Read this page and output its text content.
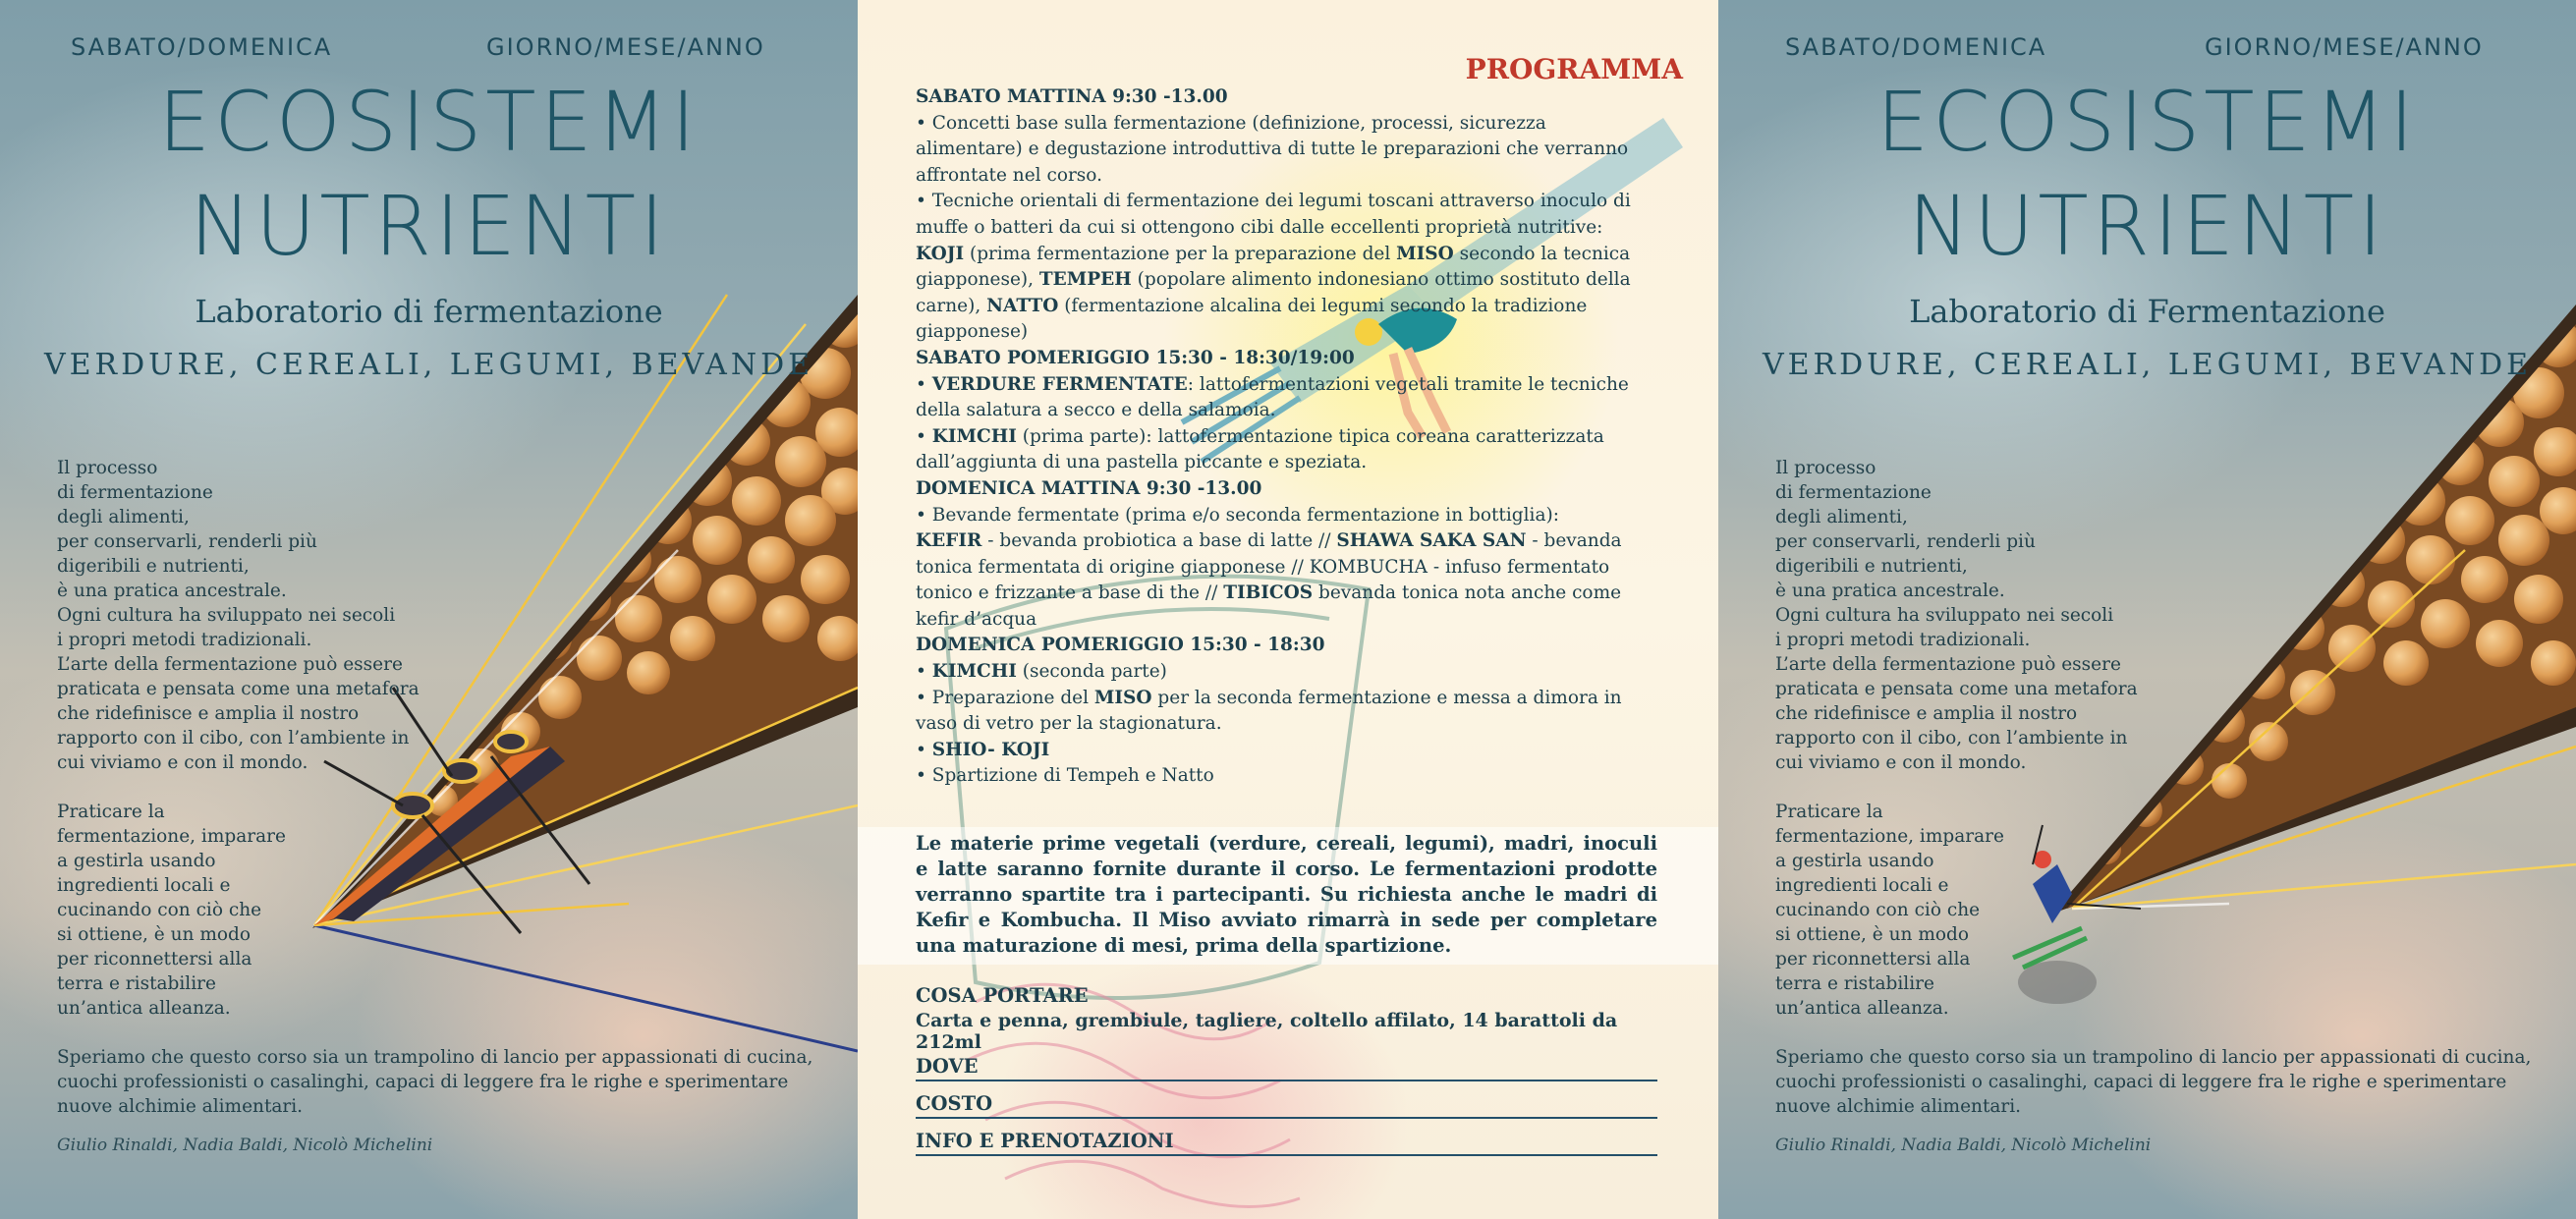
SABATO/DOMENICA	GIORNO/MESE/ANNO
ECOSISTEMI
NUTRIENTI
Laboratorio di fermentazione
VERDURE, CEREALI, LEGUMI, BEVANDE
Il processo
di fermentazione
degli alimenti,
per conservarli, renderli più
digeribili e nutrienti,
è una pratica ancestrale.
Ogni cultura ha sviluppato nei secoli
i propri metodi tradizionali.
L’arte della fermentazione può essere
praticata e pensata come una metafora
che ridefinisce e amplia il nostro
rapporto con il cibo, con l’ambiente in
cui viviamo e con il mondo.
Praticare la
fermentazione, imparare
a gestirla usando
ingredienti locali e
cucinando con ciò che
si ottiene, è un modo
per riconnettersi alla
terra e ristabilire
un’antica alleanza.
Speriamo che questo corso sia un trampolino di lancio per appassionati di cucina, cuochi professionisti o casalinghi, capaci di leggere fra le righe e sperimentare nuove alchimie alimentari.
Giulio Rinaldi, Nadia Baldi, Nicolò Michelini
PROGRAMMA
SABATO MATTINA 9:30 -13.00
• Concetti base sulla fermentazione (definizione, processi, sicurezza alimentare) e degustazione introduttiva di tutte le preparazioni che verranno affrontate nel corso.
• Tecniche orientali di fermentazione dei legumi toscani attraverso inoculo di muffe o batteri da cui si ottengono cibi dalle eccellenti proprietà nutritive:
KOJI (prima fermentazione per la preparazione del MISO secondo la tecnica giapponese), TEMPEH (popolare alimento indonesiano ottimo sostituto della carne), NATTO (fermentazione alcalina dei legumi secondo la tradizione giapponese)
SABATO POMERIGGIO 15:30 - 18:30/19:00
• VERDURE FERMENTATE: lattofermentazioni vegetali tramite le tecniche della salatura a secco e della salamoia.
• KIMCHI (prima parte): lattofermentazione tipica coreana caratterizzata dall’aggiunta di una pastella piccante e speziata.
DOMENICA MATTINA 9:30 -13.00
• Bevande fermentate (prima e/o seconda fermentazione in bottiglia):
KEFIR - bevanda probiotica a base di latte // SHAWA SAKA SAN - bevanda tonica fermentata di origine giapponese // KOMBUCHA - infuso fermentato tonico e frizzante a base di the // TIBICOS bevanda tonica nota anche come kefir d’acqua
DOMENICA POMERIGGIO 15:30 - 18:30
• KIMCHI (seconda parte)
• Preparazione del MISO per la seconda fermentazione e messa a dimora in vaso di vetro per la stagionatura.
• SHIO- KOJI
• Spartizione di Tempeh e Natto
Le materie prime vegetali (verdure, cereali, legumi), madri, inoculi e latte saranno fornite durante il corso. Le fermentazioni prodotte verranno spartite tra i partecipanti. Su richiesta anche le madri di Kefir e Kombucha. Il Miso avviato rimarrà in sede per completare una maturazione di mesi, prima della spartizione.
COSA PORTARE
Carta e penna, grembiule, tagliere, coltello affilato, 14 barattoli da 212ml
DOVE
COSTO
INFO E PRENOTAZIONI
SABATO/DOMENICA	GIORNO/MESE/ANNO
ECOSISTEMI
NUTRIENTI
Laboratorio di Fermentazione
VERDURE, CEREALI, LEGUMI, BEVANDE
Il processo
di fermentazione
degli alimenti,
per conservarli, renderli più
digeribili e nutrienti,
è una pratica ancestrale.
Ogni cultura ha sviluppato nei secoli
i propri metodi tradizionali.
L’arte della fermentazione può essere
praticata e pensata come una metafora
che ridefinisce e amplia il nostro
rapporto con il cibo, con l’ambiente in
cui viviamo e con il mondo.
Praticare la
fermentazione, imparare
a gestirla usando
ingredienti locali e
cucinando con ciò che
si ottiene, è un modo
per riconnettersi alla
terra e ristabilire
un’antica alleanza.
Speriamo che questo corso sia un trampolino di lancio per appassionati di cucina, cuochi professionisti o casalinghi, capaci di leggere fra le righe e sperimentare nuove alchimie alimentari.
Giulio Rinaldi, Nadia Baldi, Nicolò Michelini
